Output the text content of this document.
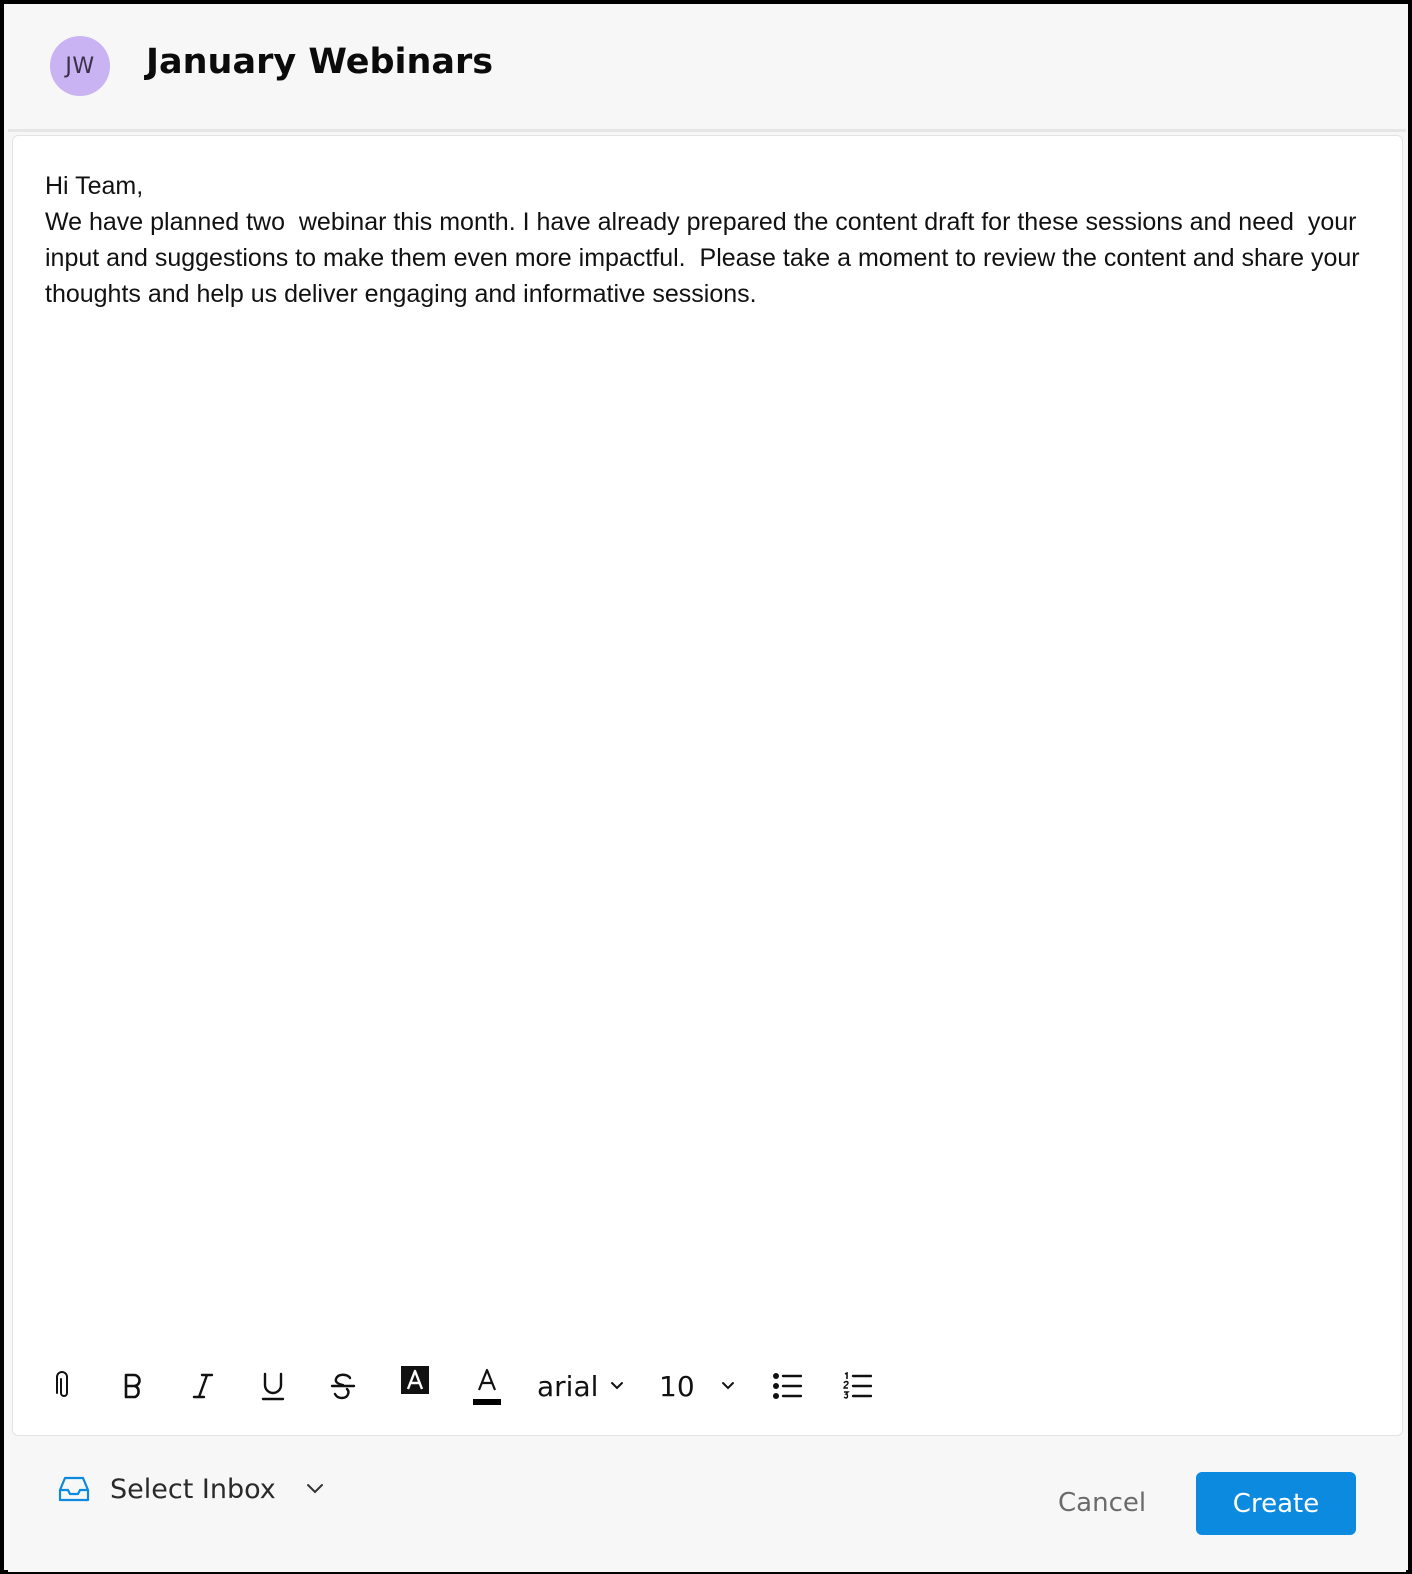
JW	January Webinars
Hi Team,
We have planned two  webinar this month. I have already prepared the content draft for these sessions and need  your input and suggestions to make them even more impactful.  Please take a moment to review the content and share your thoughts and help us deliver engaging and informative sessions.
arial 10
Select Inbox	Cancel	Create
